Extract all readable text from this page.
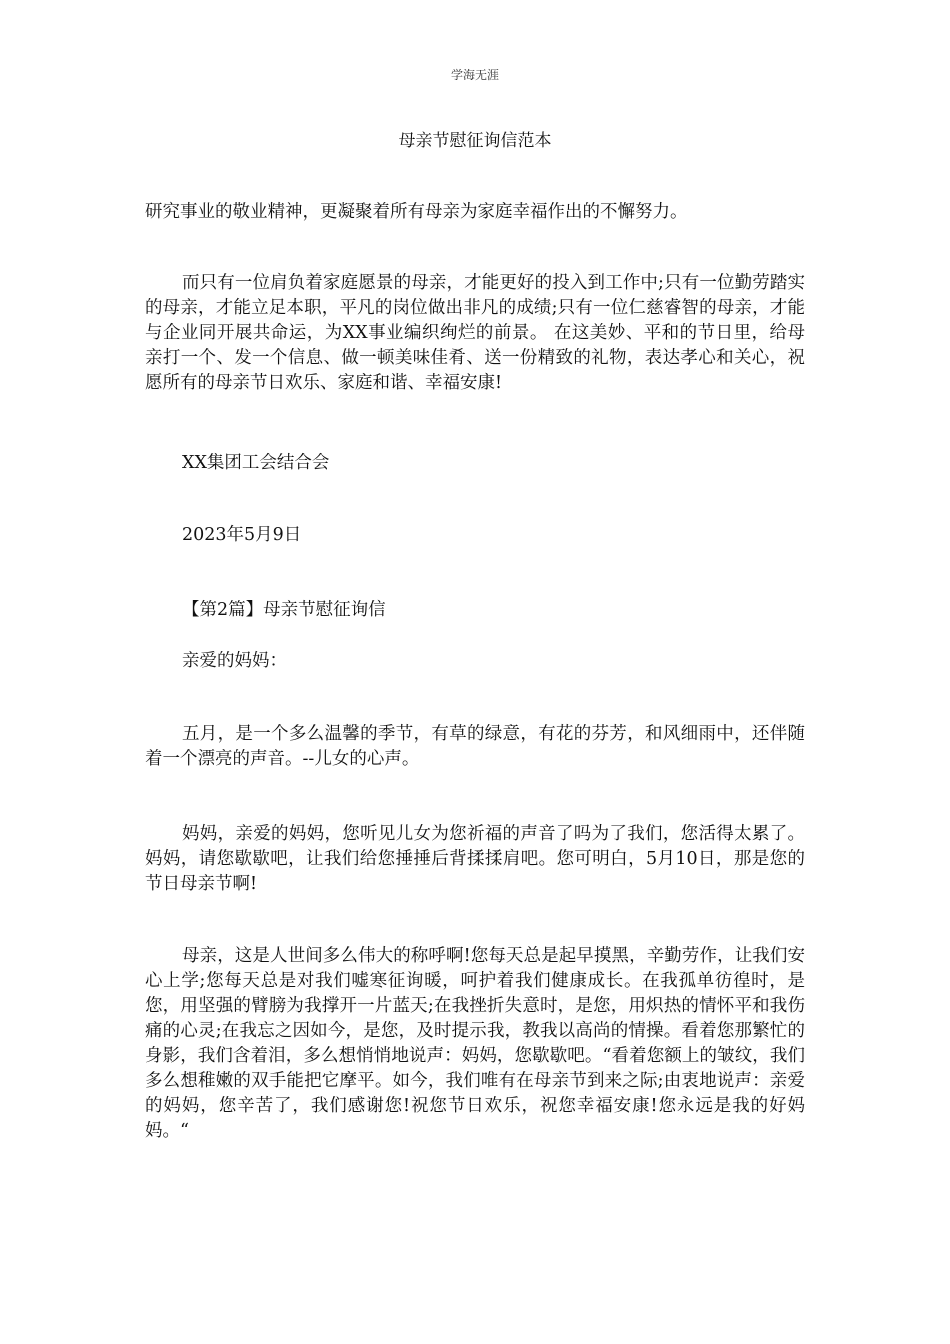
学海无涯
母亲节慰征询信范本

研究事业的敬业精神，更凝聚着所有母亲为家庭幸福作出的不懈努力。

而只有一位肩负着家庭愿景的母亲，才能更好的投入到工作中;只有一位勤劳踏实的母亲，才能立足本职，平凡的岗位做出非凡的成绩;只有一位仁慈睿智的母亲，才能与企业同开展共命运，为XX事业编织绚烂的前景。 在这美妙、平和的节日里，给母亲打一个、发一个信息、做一顿美味佳肴、送一份精致的礼物，表达孝心和关心，祝愿所有的母亲节日欢乐、家庭和谐、幸福安康!

XX集团工会结合会

2023年5月9日

【第2篇】母亲节慰征询信

亲爱的妈妈：

五月，是一个多么温馨的季节，有草的绿意，有花的芬芳，和风细雨中，还伴随着一个漂亮的声音。--儿女的心声。

妈妈，亲爱的妈妈，您听见儿女为您祈福的声音了吗为了我们，您活得太累了。妈妈，请您歇歇吧，让我们给您捶捶后背揉揉肩吧。您可明白，5月10日，那是您的节日母亲节啊!

母亲，这是人世间多么伟大的称呼啊!您每天总是起早摸黑，辛勤劳作，让我们安心上学;您每天总是对我们嘘寒征询暖，呵护着我们健康成长。在我孤单彷徨时，是您，用坚强的臂膀为我撑开一片蓝天;在我挫折失意时，是您，用炽热的情怀平和我伤痛的心灵;在我忘之因如今，是您，及时提示我，教我以高尚的情操。看着您那繁忙的身影，我们含着泪，多么想悄悄地说声：妈妈，您歇歇吧。“看着您额上的皱纹，我们多么想稚嫩的双手能把它摩平。如今，我们唯有在母亲节到来之际;由衷地说声：亲爱的妈妈，您辛苦了，我们感谢您!祝您节日欢乐，祝您幸福安康!您永远是我的好妈妈。“
